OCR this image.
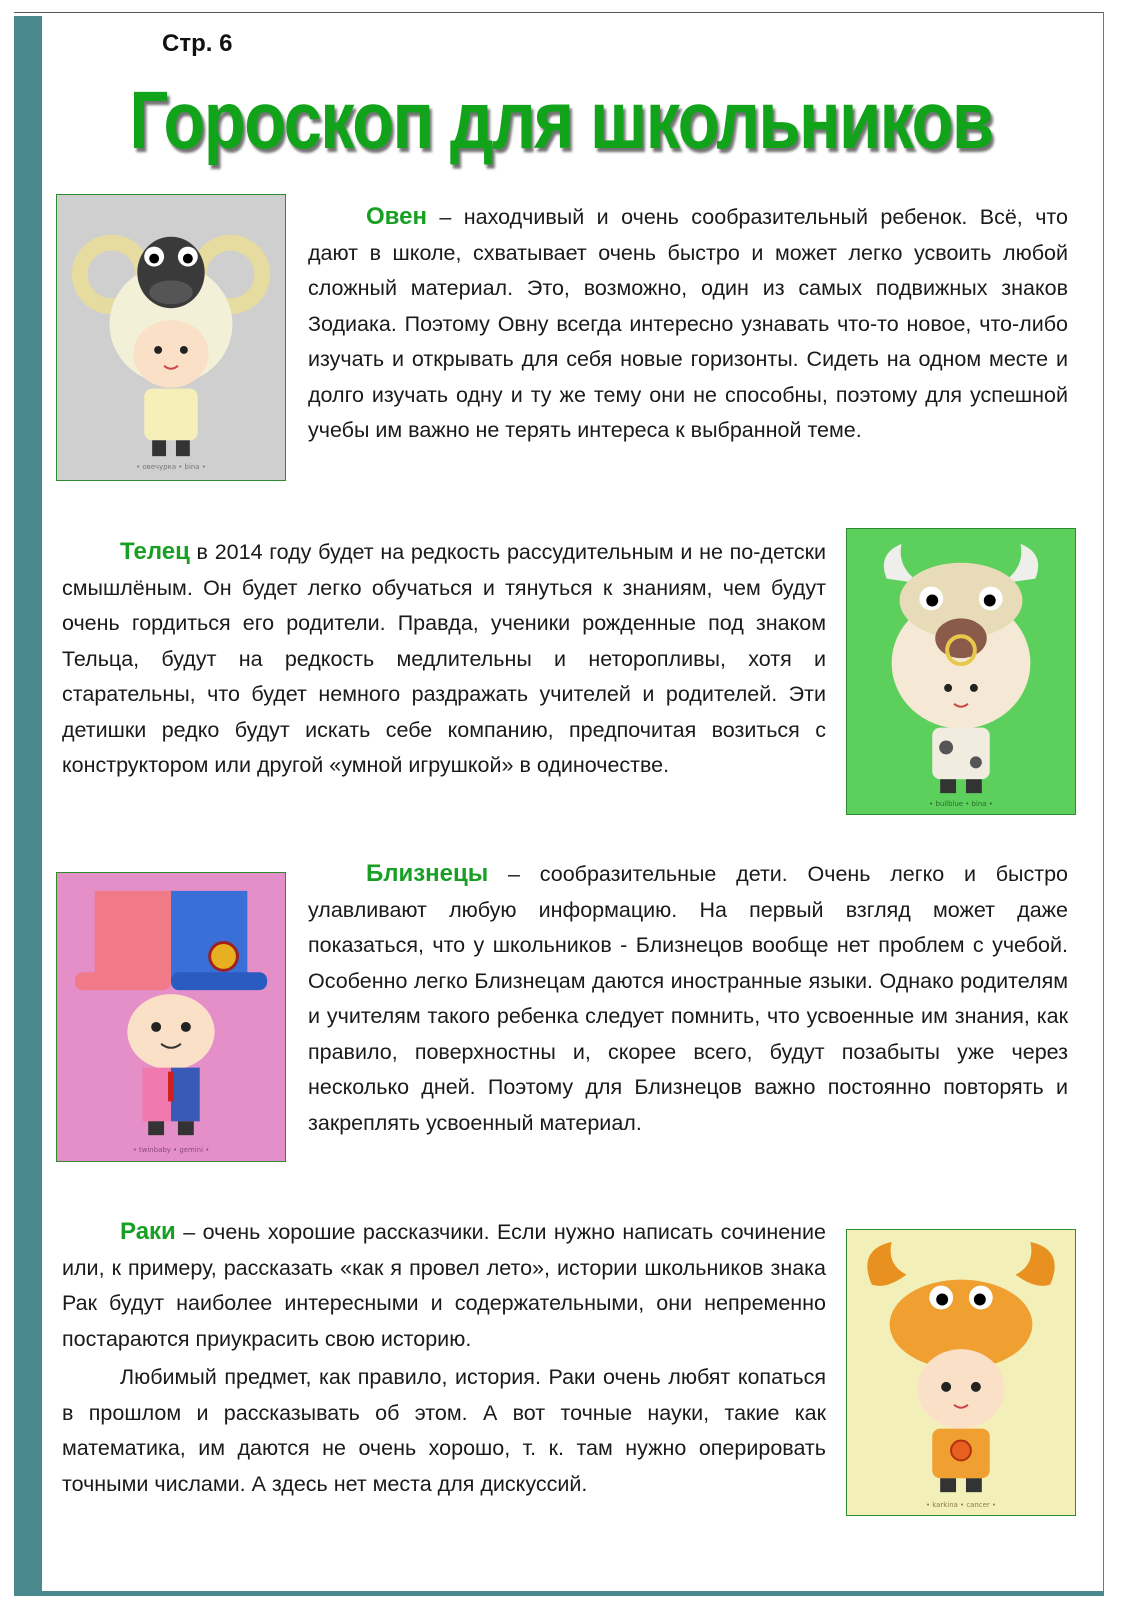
Стр. 6
Гороскоп для школьников
• овечурка • bina •

Овен – находчивый и очень сообразительный ребенок. Всё, что дают в школе, схватывает очень быстро и может легко усвоить любой сложный материал. Это, возможно, один из самых подвижных знаков Зодиака. Поэтому Овну всегда интересно узнавать что-то новое, что-либо изучать и открывать для себя новые горизонты. Сидеть на одном месте и долго изучать одну и ту же тему они не способны, поэтому для успешной учебы им важно не терять интереса к выбранной теме.

Телец в 2014 году будет на редкость рассудительным и не по-детски смышлёным. Он будет легко обучаться и тянуться к знаниям, чем будут очень гордиться его родители. Правда, ученики рожденные под знаком Тельца, будут на редкость медлительны и неторопливы, хотя и старательны, что будет немного раздражать учителей и родителей. Эти детишки редко будут искать себе компанию, предпочитая возиться с конструктором или другой «умной игрушкой» в одиночестве.

• bullblue • bina •
• twinbaby • gemini •

Близнецы – сообразительные дети. Очень легко и быстро улавливают любую информацию. На первый взгляд может даже показаться, что у школьников - Близнецов вообще нет проблем с учебой. Особенно легко Близнецам даются иностранные языки. Однако родителям и учителям такого ребенка следует помнить, что усвоенные им знания, как правило, поверхностны и, скорее всего, будут позабыты уже через несколько дней. Поэтому для Близнецов важно постоянно повторять и закреплять усвоенный материал.

Раки – очень хорошие рассказчики. Если нужно написать сочинение или, к примеру, рассказать «как я провел лето», истории школьников знака Рак будут наиболее интересными и содержательными, они непременно постараются приукрасить свою историю.

Любимый предмет, как правило, история. Раки очень любят копаться в прошлом и рассказывать об этом. А вот точные науки, такие как математика, им даются не очень хорошо, т. к. там нужно оперировать точными числами. А здесь нет места для дискуссий.

• karkina • cancer •
